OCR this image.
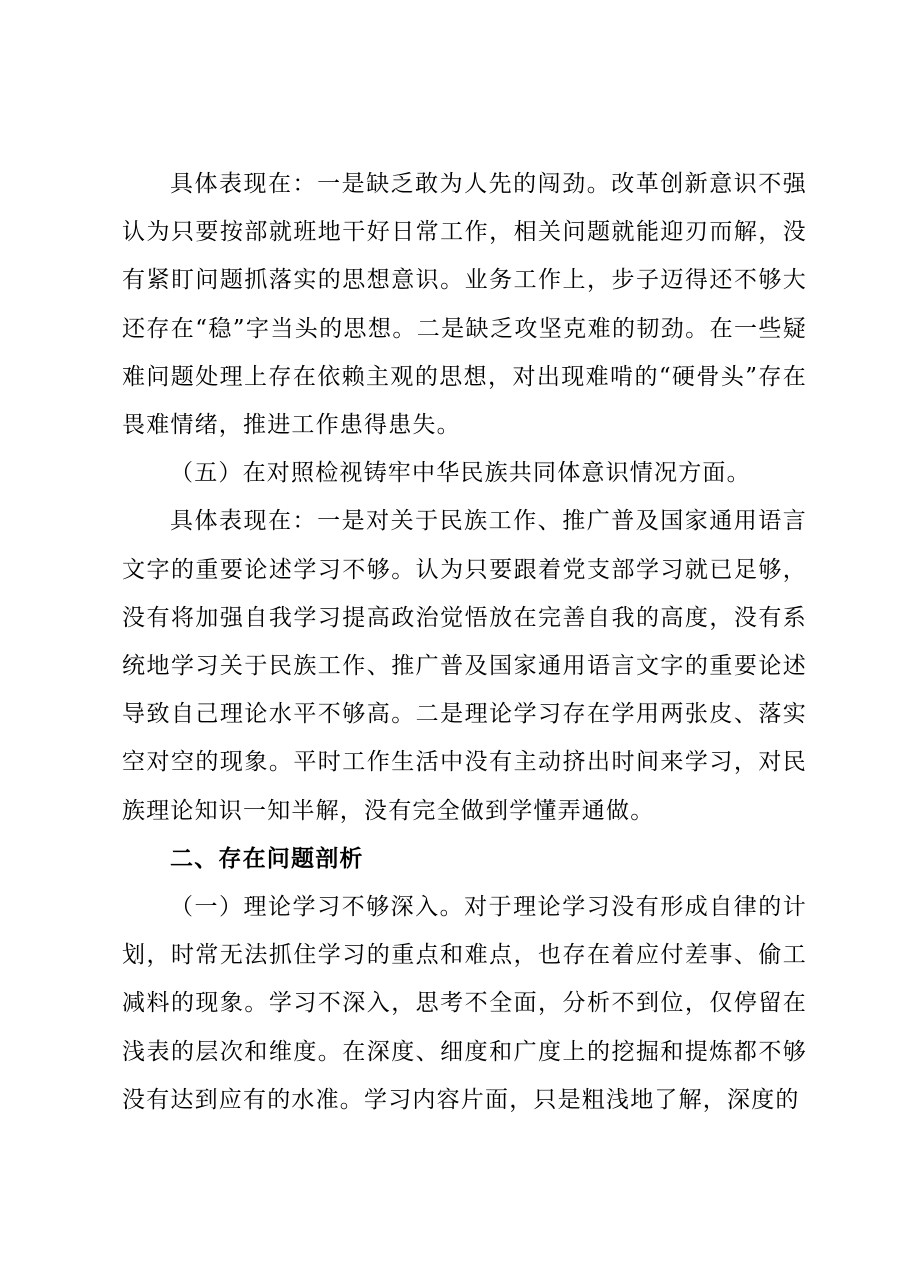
具体表现在：一是缺乏敢为人先的闯劲。改革创新意识不强认为只要按部就班地干好日常工作，相关问题就能迎刃而解，没有紧盯问题抓落实的思想意识。业务工作上，步子迈得还不够大还存在“稳”字当头的思想。二是缺乏攻坚克难的韧劲。在一些疑难问题处理上存在依赖主观的思想，对出现难啃的“硬骨头”存在畏难情绪，推进工作患得患失。

（五）在对照检视铸牢中华民族共同体意识情况方面。

具体表现在：一是对关于民族工作、推广普及国家通用语言文字的重要论述学习不够。认为只要跟着党支部学习就已足够，没有将加强自我学习提高政治觉悟放在完善自我的高度，没有系统地学习关于民族工作、推广普及国家通用语言文字的重要论述导致自己理论水平不够高。二是理论学习存在学用两张皮、落实空对空的现象。平时工作生活中没有主动挤出时间来学习，对民族理论知识一知半解，没有完全做到学懂弄通做。

二、存在问题剖析

（一）理论学习不够深入。对于理论学习没有形成自律的计划，时常无法抓住学习的重点和难点，也存在着应付差事、偷工减料的现象。学习不深入，思考不全面，分析不到位，仅停留在浅表的层次和维度。在深度、细度和广度上的挖掘和提炼都不够没有达到应有的水准。学习内容片面，只是粗浅地了解，深度的
